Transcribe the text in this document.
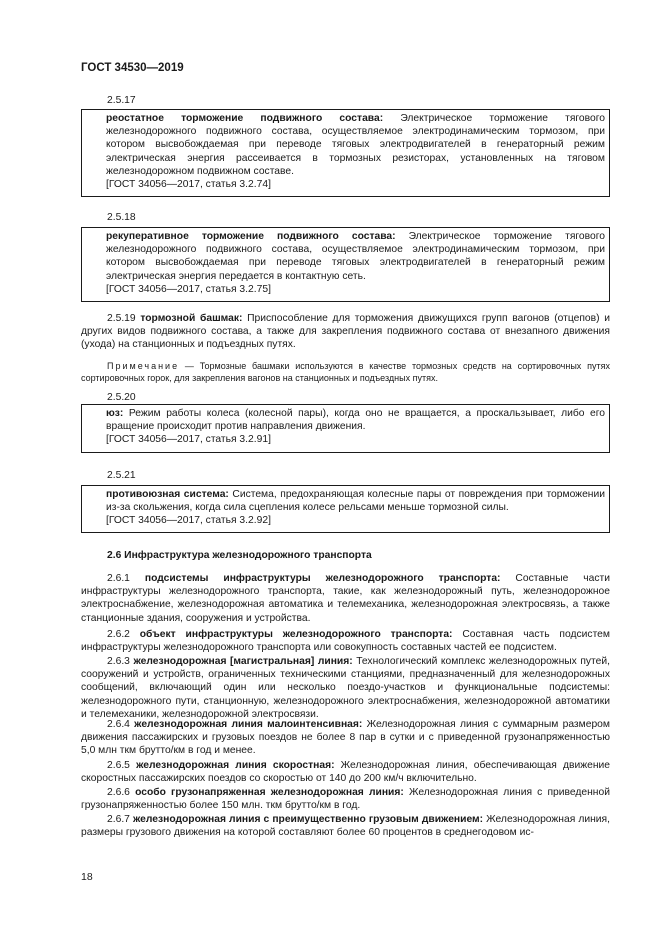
ГОСТ 34530—2019
2.5.17

реостатное торможение подвижного состава: Электрическое торможение тягового железнодорожного подвижного состава, осуществляемое электродинамическим тормозом, при котором высвобождаемая при переводе тяговых электродвигателей в генераторный режим электрическая энергия рассеивается в тормозных резисторах, установленных на тяговом железнодорожном подвижном составе.

[ГОСТ 34056—2017, статья 3.2.74]

2.5.18

рекуперативное торможение подвижного состава: Электрическое торможение тягового железнодорожного подвижного состава, осуществляемое электродинамическим тормозом, при котором высвобождаемая при переводе тяговых электродвигателей в генераторный режим электрическая энергия передается в контактную сеть.

[ГОСТ 34056—2017, статья 3.2.75]

2.5.19 тормозной башмак: Приспособление для торможения движущихся групп вагонов (отцепов) и других видов подвижного состава, а также для закрепления подвижного состава от внезапного движения (ухода) на станционных и подъездных путях.
Примечание — Тормозные башмаки используются в качестве тормозных средств на сортировочных путях сортировочных горок, для закрепления вагонов на станционных и подъездных путях.
2.5.20

юз: Режим работы колеса (колесной пары), когда оно не вращается, а проскальзывает, либо его вращение происходит против направления движения.

[ГОСТ 34056—2017, статья 3.2.91]

2.5.21

противоюзная система: Система, предохраняющая колесные пары от повреждения при торможении из-за скольжения, когда сила сцепления колесе рельсами меньше тормозной силы.

[ГОСТ 34056—2017, статья 3.2.92]

2.6 Инфраструктура железнодорожного транспорта
2.6.1 подсистемы инфраструктуры железнодорожного транспорта: Составные части инфраструктуры железнодорожного транспорта, такие, как железнодорожный путь, железнодорожное электроснабжение, железнодорожная автоматика и телемеханика, железнодорожная электросвязь, а также станционные здания, сооружения и устройства.
2.6.2 объект инфраструктуры железнодорожного транспорта: Составная часть подсистем инфраструктуры железнодорожного транспорта или совокупность составных частей ее подсистем.
2.6.3 железнодорожная [магистральная] линия: Технологический комплекс железнодорожных путей, сооружений и устройств, ограниченных техническими станциями, предназначенный для железнодорожных сообщений, включающий один или несколько поездо-участков и функциональные подсистемы: железнодорожного пути, станционную, железнодорожного электроснабжения, железнодорожной автоматики и телемеханики, железнодорожной электросвязи.
2.6.4 железнодорожная линия малоинтенсивная: Железнодорожная линия с суммарным размером движения пассажирских и грузовых поездов не более 8 пар в сутки и с приведенной грузонапряженностью 5,0 млн ткм брутто/км в год и менее.
2.6.5 железнодорожная линия скоростная: Железнодорожная линия, обеспечивающая движение скоростных пассажирских поездов со скоростью от 140 до 200 км/ч включительно.
2.6.6 особо грузонапряженная железнодорожная линия: Железнодорожная линия с приведенной грузонапряженностью более 150 млн. ткм брутто/км в год.
2.6.7 железнодорожная линия с преимущественно грузовым движением: Железнодорожная линия, размеры грузового движения на которой составляют более 60 процентов в среднегодовом ис-
18
